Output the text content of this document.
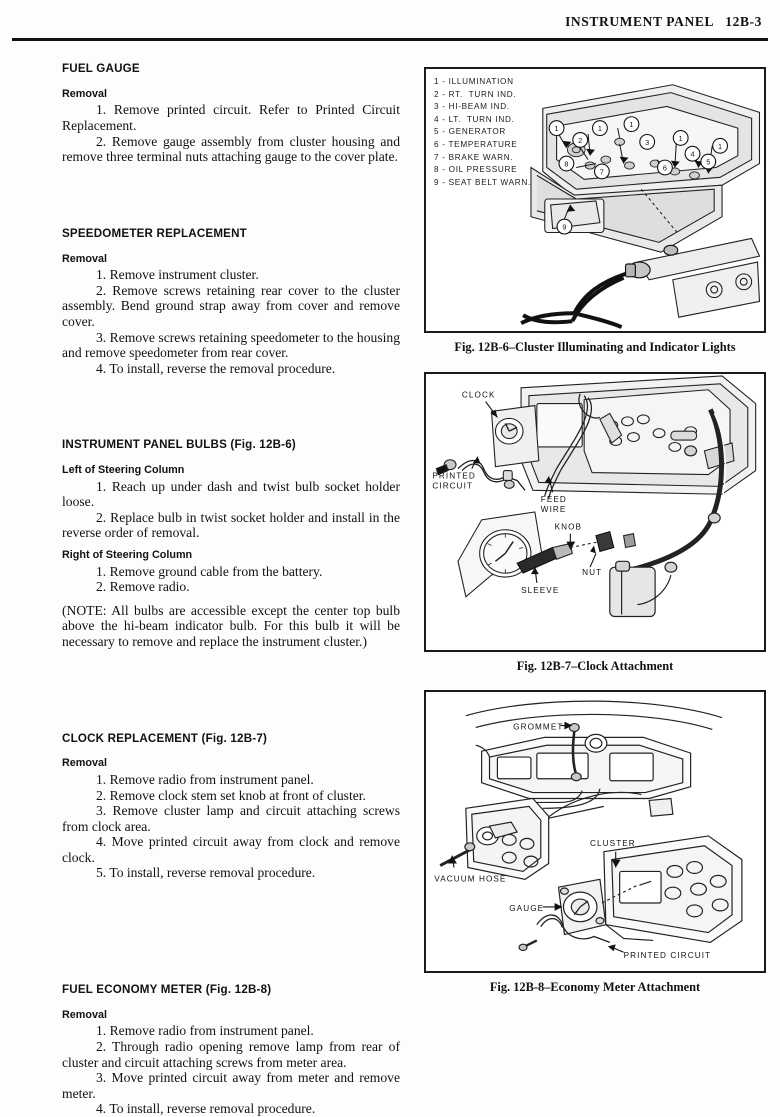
INSTRUMENT PANEL   12B-3
FUEL GAUGE
Removal

1. Remove printed circuit. Refer to Printed Circuit Replacement.

2. Remove gauge assembly from cluster housing and remove three terminal nuts attaching gauge to the cover plate.

SPEEDOMETER REPLACEMENT
Removal

1. Remove instrument cluster.

2. Remove screws retaining rear cover to the cluster assembly. Bend ground strap away from cover and remove cover.

3. Remove screws retaining speedometer to the housing and remove speedometer from rear cover.

4. To install, reverse the removal procedure.

INSTRUMENT PANEL BULBS (Fig. 12B-6)
Left of Steering Column

1. Reach up under dash and twist bulb socket holder loose.

2. Replace bulb in twist socket holder and install in the reverse order of removal.

Right of Steering Column

1. Remove ground cable from the battery.

2. Remove radio.

(NOTE: All bulbs are accessible except the center top bulb above the hi-beam indicator bulb. For this bulb it will be necessary to remove and replace the instrument cluster.)

CLOCK REPLACEMENT (Fig. 12B-7)
Removal

1. Remove radio from instrument panel.

2. Remove clock stem set knob at front of cluster.

3. Remove cluster lamp and circuit attaching screws from clock area.

4. Move printed circuit away from clock and remove clock.

5. To install, reverse removal procedure.

FUEL ECONOMY METER (Fig. 12B-8)
Removal

1. Remove radio from instrument panel.

2. Through radio opening remove lamp from rear of cluster and circuit attaching screws from meter area.

3. Move printed circuit away from meter and remove meter.

4. To install, reverse removal procedure.

1 - ILLUMINATION
2 - RT.  TURN IND.
3 - HI-BEAM IND.
4 - LT.  TURN IND.
5 - GENERATOR
6 - TEMPERATURE
7 - BRAKE WARN.
8 - OIL PRESSURE
9 - SEAT BELT WARN.
1
2
1	1
3
8
7	6
1
4
5
1
9
Fig. 12B-6–Cluster Illuminating and Indicator Lights
CLOCK
PRINTED
CIRCUIT
FEED
WIRE
KNOB
NUT
SLEEVE
Fig. 12B-7–Clock Attachment
GROMMET
VACUUM HOSE
CLUSTER
GAUGE
PRINTED CIRCUIT
Fig. 12B-8–Economy Meter Attachment
